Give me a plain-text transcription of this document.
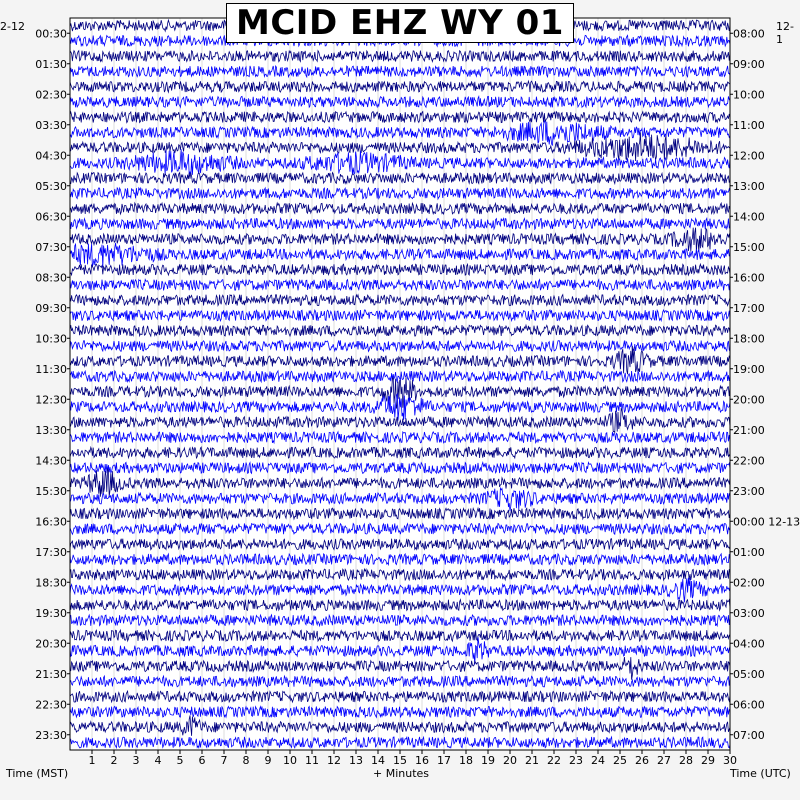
1 2 3 4 5 6 7 8 9 10 11 12 13 14 15 16 17 18 19 20 21 22 23 24 25 26 27 28 29 30
00:30
01:30
02:30
03:30
04:30
05:30
06:30
07:30
08:30
09:30
10:30
11:30
12:30
13:30
14:30
15:30
16:30
17:30
18:30
19:30
20:30
21:30
22:30
23:30
08:00
09:00
10:00
11:00
12:00
13:00
14:00
15:00
16:00
17:00
18:00
19:00
20:00
21:00
22:00
23:00
00:00 12-13
01:00
02:00
03:00
04:00
05:00
06:00
07:00
MCID EHZ WY 01
2-12	12-1
Time (MST)	+ Minutes	Time (UTC)
